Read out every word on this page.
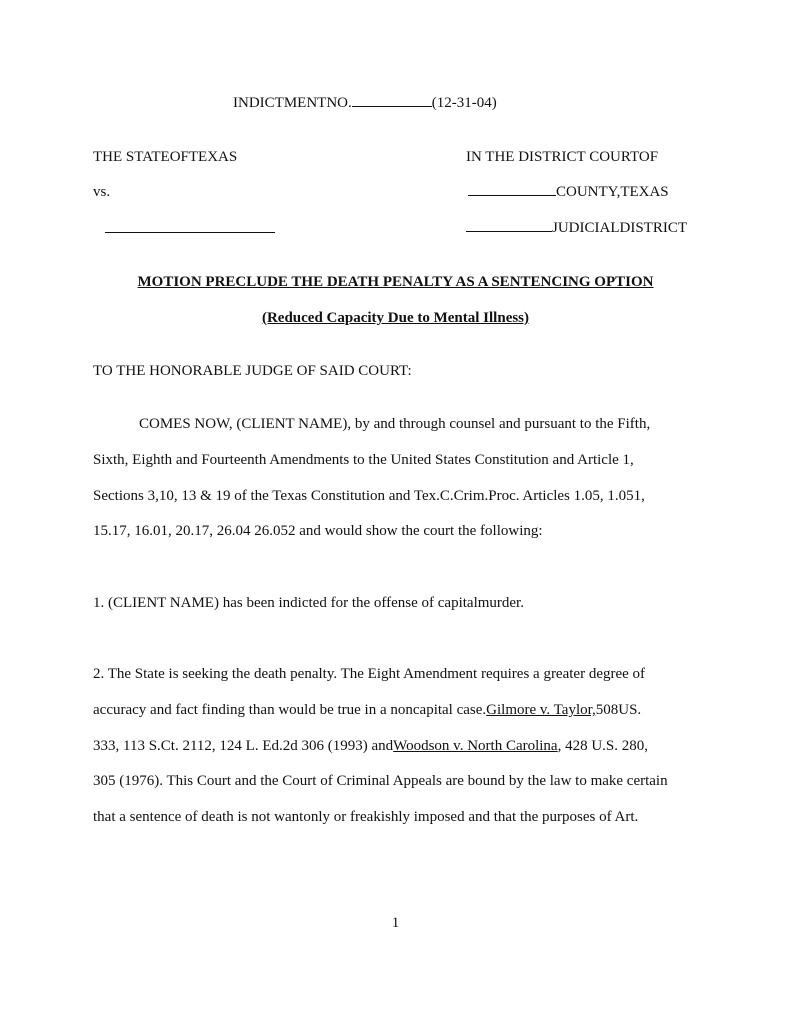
INDICTMENTNO.	(12-31-04)
THE STATEOFTEXAS
vs.
IN THE DISTRICT COURTOF
COUNTY,TEXAS
JUDICIALDISTRICT
MOTION PRECLUDE THE DEATH PENALTY AS A SENTENCING OPTION
(Reduced Capacity Due to Mental Illness)
TO THE HONORABLE JUDGE OF SAID COURT:
COMES NOW, (CLIENT NAME), by and through counsel and pursuant to the Fifth,
Sixth, Eighth and Fourteenth Amendments to the United States Constitution and Article 1,
Sections 3,10, 13 & 19 of the Texas Constitution and Tex.C.Crim.Proc. Articles 1.05, 1.051,
15.17, 16.01, 20.17, 26.04 26.052 and would show the court the following:
1. (CLIENT NAME) has been indicted for the offense of capitalmurder.
2. The State is seeking the death penalty. The Eight Amendment requires a greater degree of
accuracy and fact finding than would be true in a noncapital case.Gilmore v. Taylor,508US.
333, 113 S.Ct. 2112, 124 L. Ed.2d 306 (1993) andWoodson v. North Carolina, 428 U.S. 280,
305 (1976). This Court and the Court of Criminal Appeals are bound by the law to make certain
that a sentence of death is not wantonly or freakishly imposed and that the purposes of Art.
1
